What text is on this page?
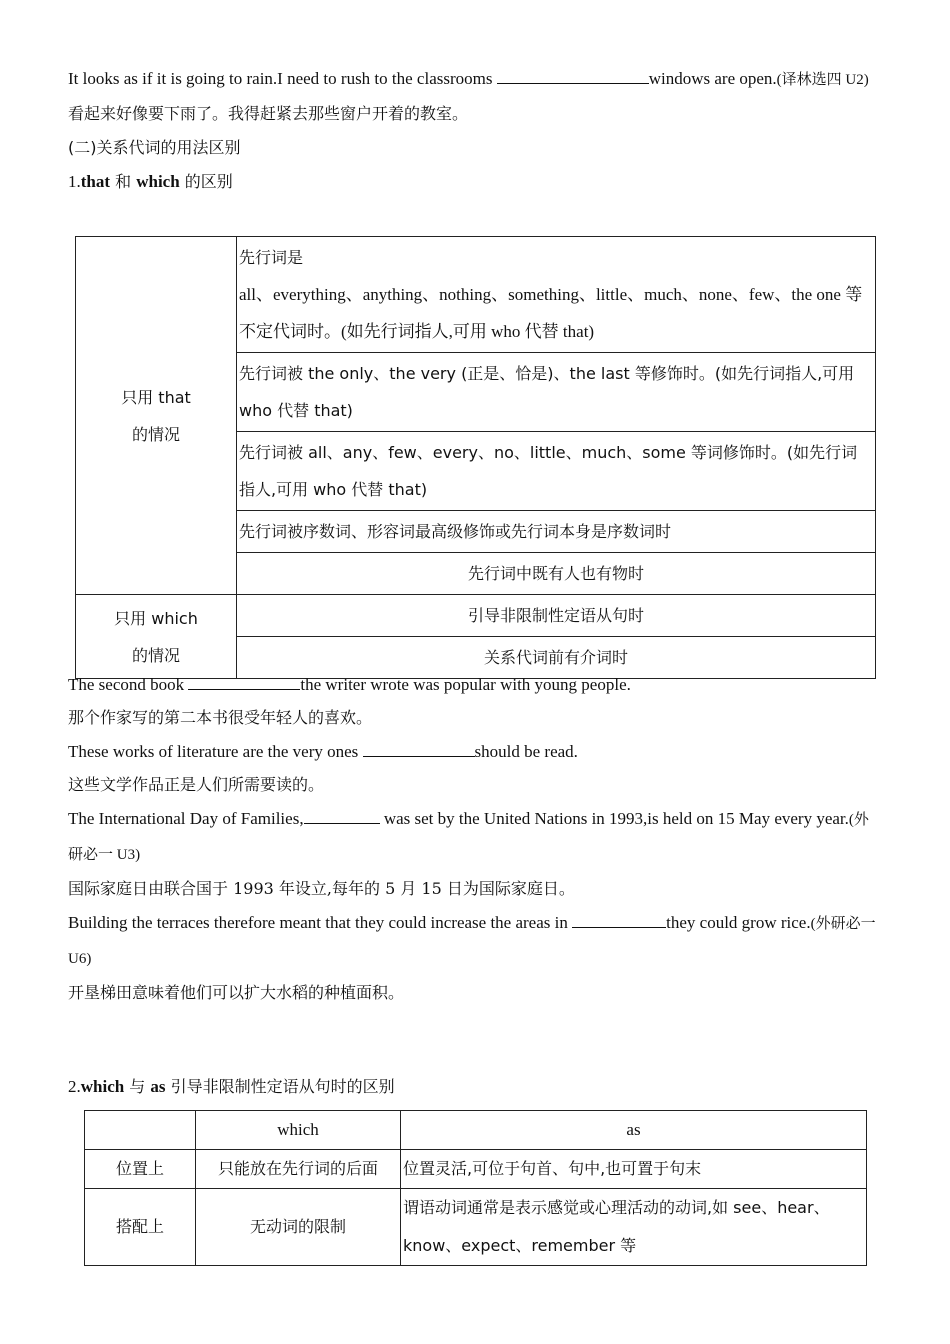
It looks as if it is going to rain.I need to rush to the classrooms	windows are open.(译林选四 U2)

看起来好像要下雨了。我得赶紧去那些窗户开着的教室。

(二)关系代词的用法区别

1.that 和 which 的区别

只用 that
的情况	先行词是
all、everything、anything、nothing、something、little、much、none、few、the one 等不定代词时。(如先行词指人,可用 who 代替 that)
	先行词被 the only、the very (正是、恰是)、the last 等修饰时。(如先行词指人,可用 who 代替 that)
	先行词被 all、any、few、every、no、little、much、some 等词修饰时。(如先行词指人,可用 who 代替 that)
	先行词被序数词、形容词最高级修饰或先行词本身是序数词时
	先行词中既有人也有物时
只用 which
的情况	引导非限制性定语从句时
	关系代词前有介词时

The second book	the writer wrote was popular with young people.

那个作家写的第二本书很受年轻人的喜欢。

These works of literature are the very ones	should be read.

这些文学作品正是人们所需要读的。

The International Day of Families,	was set by the United Nations in 1993,is held on 15 May every year.(外研必一 U3)

国际家庭日由联合国于 1993 年设立,每年的 5 月 15 日为国际家庭日。

Building the terraces therefore meant that they could increase the areas in	they could grow rice.(外研必一 U6)

开垦梯田意味着他们可以扩大水稻的种植面积。

2.which 与 as 引导非限制性定语从句时的区别

	which	as
位置上	只能放在先行词的后面	位置灵活,可位于句首、句中,也可置于句末
搭配上	无动词的限制	谓语动词通常是表示感觉或心理活动的动词,如 see、hear、know、expect、remember 等
